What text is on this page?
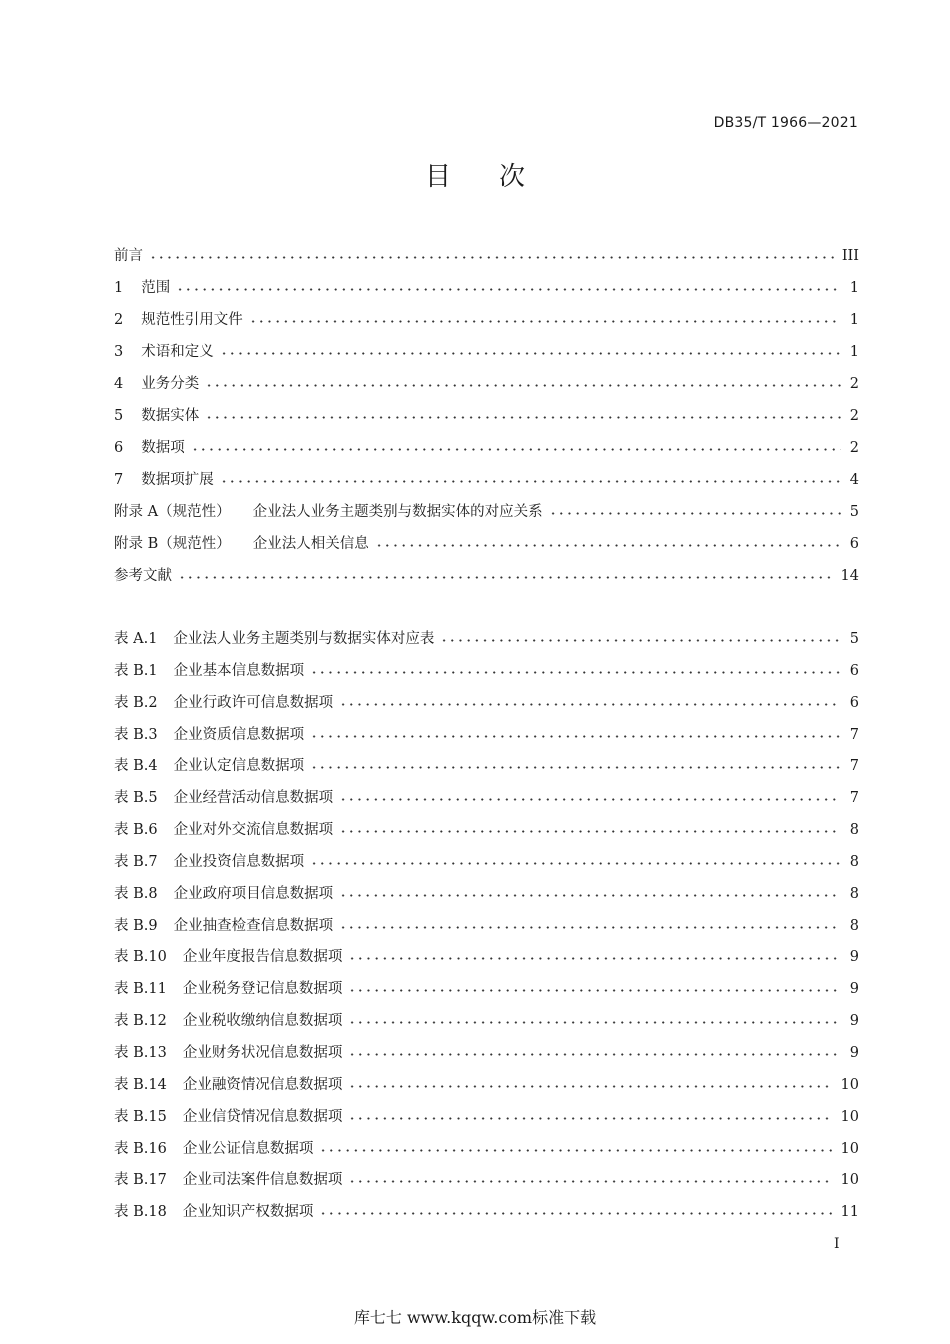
DB35/T 1966—2021
目 次
前言	III
1 范围	1
2 规范性引用文件	1
3 术语和定义	1
4 业务分类	2
5 数据实体	2
6 数据项	2
7 数据项扩展	4
附录 A（规范性） 企业法人业务主题类别与数据实体的对应关系	5
附录 B（规范性） 企业法人相关信息	6
参考文献	14
表 A.1 企业法人业务主题类别与数据实体对应表	5
表 B.1 企业基本信息数据项	6
表 B.2 企业行政许可信息数据项	6
表 B.3 企业资质信息数据项	7
表 B.4 企业认定信息数据项	7
表 B.5 企业经营活动信息数据项	7
表 B.6 企业对外交流信息数据项	8
表 B.7 企业投资信息数据项	8
表 B.8 企业政府项目信息数据项	8
表 B.9 企业抽查检查信息数据项	8
表 B.10 企业年度报告信息数据项	9
表 B.11 企业税务登记信息数据项	9
表 B.12 企业税收缴纳信息数据项	9
表 B.13 企业财务状况信息数据项	9
表 B.14 企业融资情况信息数据项	10
表 B.15 企业信贷情况信息数据项	10
表 B.16 企业公证信息数据项	10
表 B.17 企业司法案件信息数据项	10
表 B.18 企业知识产权数据项	11
I
库七七 www.kqqw.com标准下载
